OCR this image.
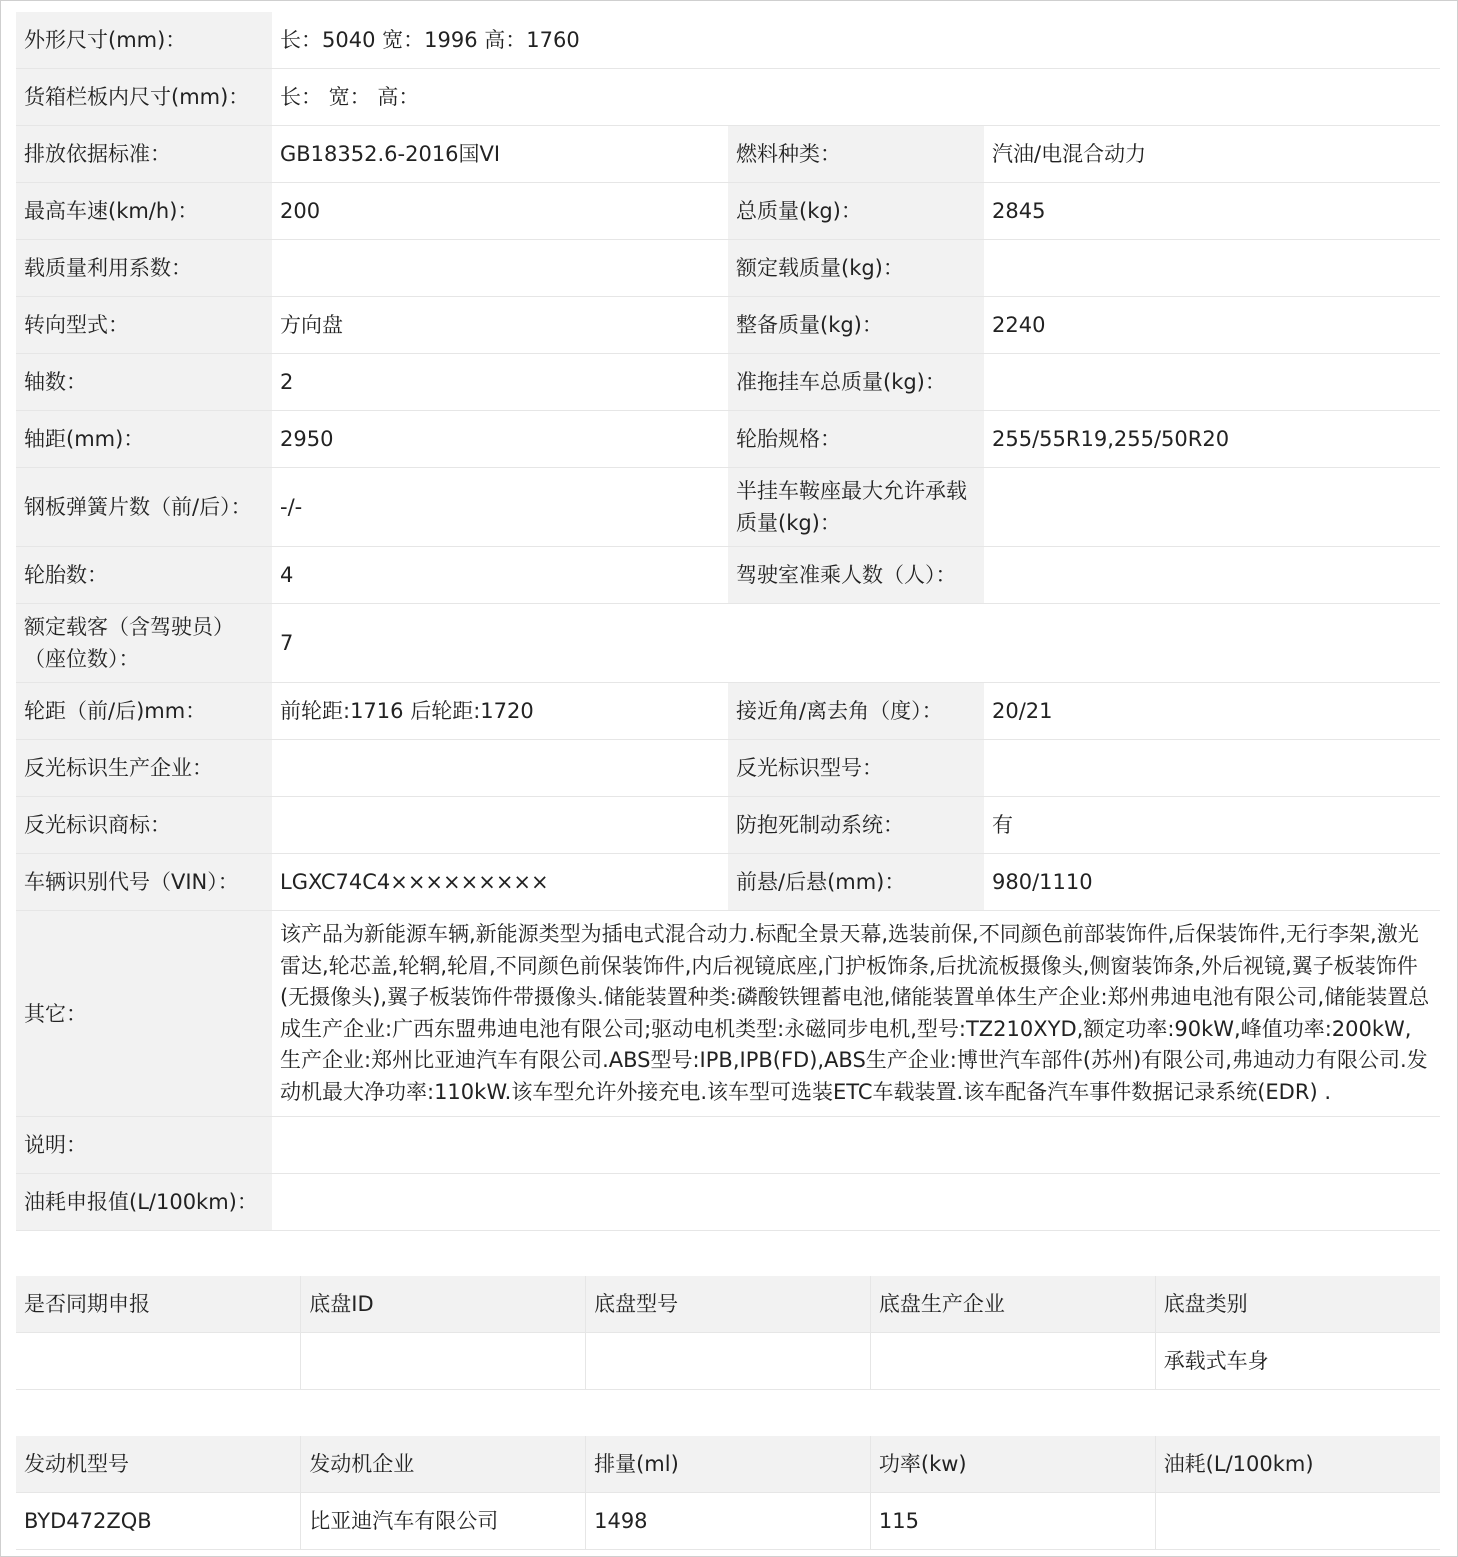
外形尺寸(mm)：	长：5040 宽：1996 高：1760		
货箱栏板内尺寸(mm)：	长： 宽： 高：		
排放依据标准：	GB18352.6-2016国VI	燃料种类：	汽油/电混合动力
最高车速(km/h)：	200	总质量(kg)：	2845
载质量利用系数：		额定载质量(kg)：	
转向型式：	方向盘	整备质量(kg)：	2240
轴数：	2	准拖挂车总质量(kg)：	
轴距(mm)：	2950	轮胎规格：	255/55R19,255/50R20
钢板弹簧片数（前/后）：	-/-	半挂车鞍座最大允许承载质量(kg)：	
轮胎数：	4	驾驶室准乘人数（人）：	
额定载客（含驾驶员）（座位数）：	7		
轮距（前/后)mm：	前轮距:1716 后轮距:1720	接近角/离去角（度）：	20/21
反光标识生产企业：		反光标识型号：	
反光标识商标：		防抱死制动系统：	有
车辆识别代号（VIN）：	LGXC74C4×××××××××	前悬/后悬(mm)：	980/1110
其它：	该产品为新能源车辆,新能源类型为插电式混合动力.标配全景天幕,选装前保,不同颜色前部装饰件,后保装饰件,无行李架,激光雷达,轮芯盖,轮辋,轮眉,不同颜色前保装饰件,内后视镜底座,门护板饰条,后扰流板摄像头,侧窗装饰条,外后视镜,翼子板装饰件(无摄像头),翼子板装饰件带摄像头.储能装置种类:磷酸铁锂蓄电池,储能装置单体生产企业:郑州弗迪电池有限公司,储能装置总成生产企业:广西东盟弗迪电池有限公司;驱动电机类型:永磁同步电机,型号:TZ210XYD,额定功率:90kW,峰值功率:200kW,生产企业:郑州比亚迪汽车有限公司.ABS型号:IPB,IPB(FD),ABS生产企业:博世汽车部件(苏州)有限公司,弗迪动力有限公司.发动机最大净功率:110kW.该车型允许外接充电.该车型可选装ETC车载装置.该车配备汽车事件数据记录系统(EDR) .		
说明：			
油耗申报值(L/100km)：			
是否同期申报	底盘ID	底盘型号	底盘生产企业	底盘类别
				承载式车身
发动机型号	发动机企业	排量(ml)	功率(kw)	油耗(L/100km)
BYD472ZQB	比亚迪汽车有限公司	1498	115	
